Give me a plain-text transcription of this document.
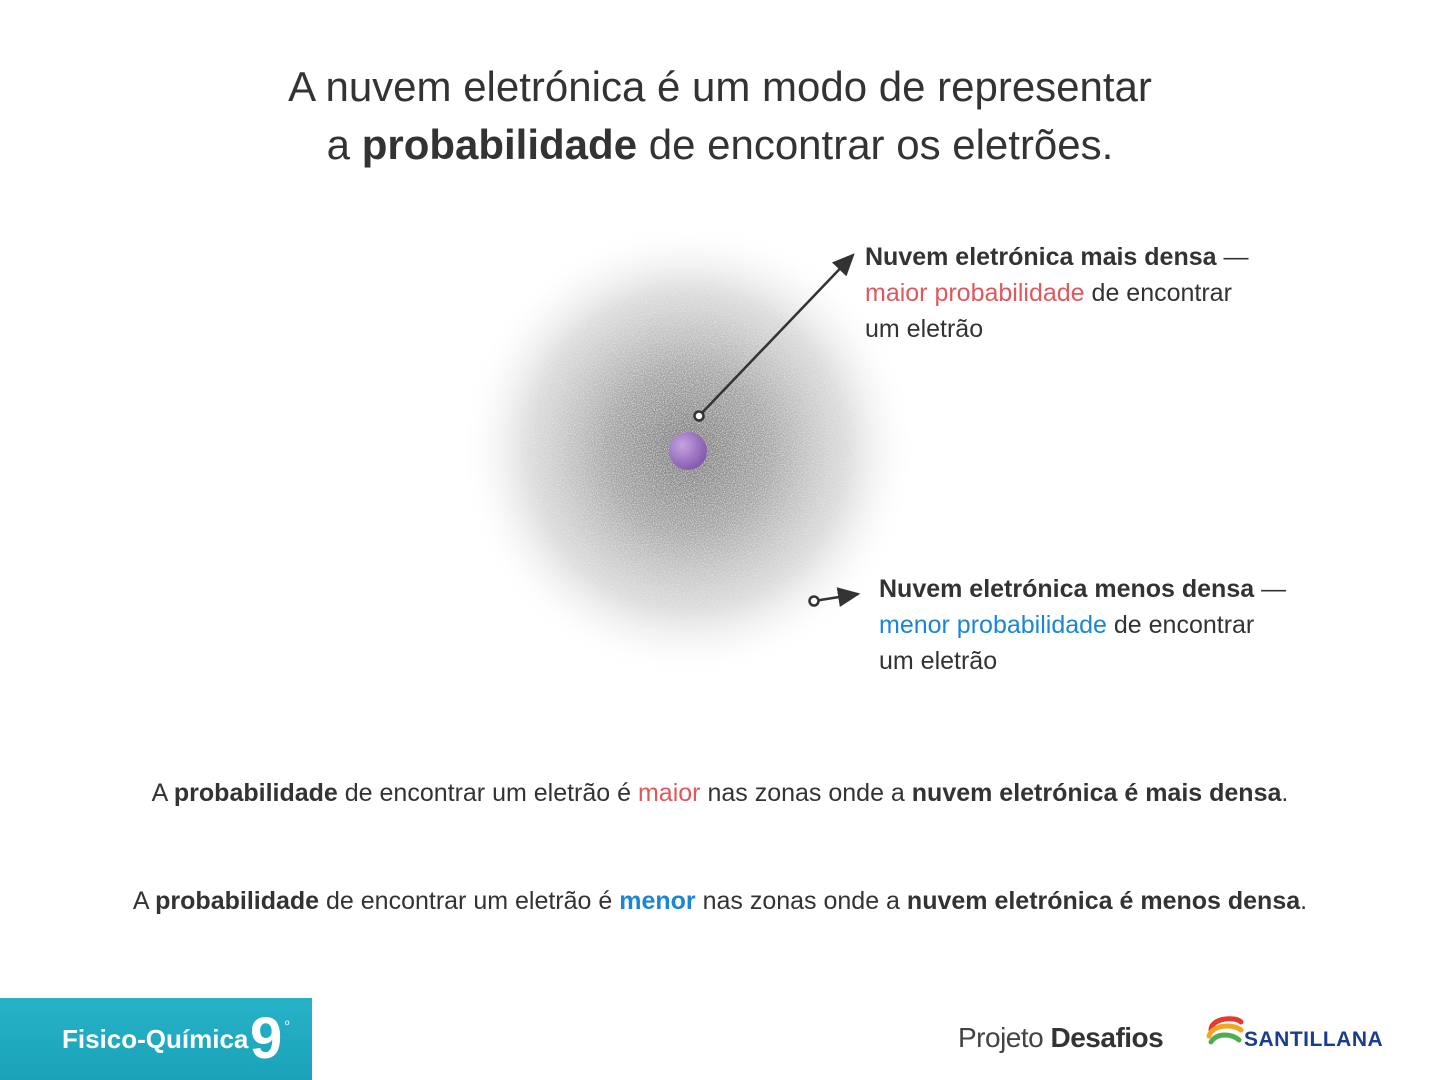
A nuvem eletrónica é um modo de representar
a probabilidade de encontrar os eletrões.
Nuvem eletrónica mais densa —
maior probabilidade de encontrar
um eletrão
Nuvem eletrónica menos densa —
menor probabilidade de encontrar
um eletrão
A probabilidade de encontrar um eletrão é maior nas zonas onde a nuvem eletrónica é mais densa.
A probabilidade de encontrar um eletrão é menor nas zonas onde a nuvem eletrónica é menos densa.
Fisico-Química 9 º	Projeto Desafios	SANTILLANA
